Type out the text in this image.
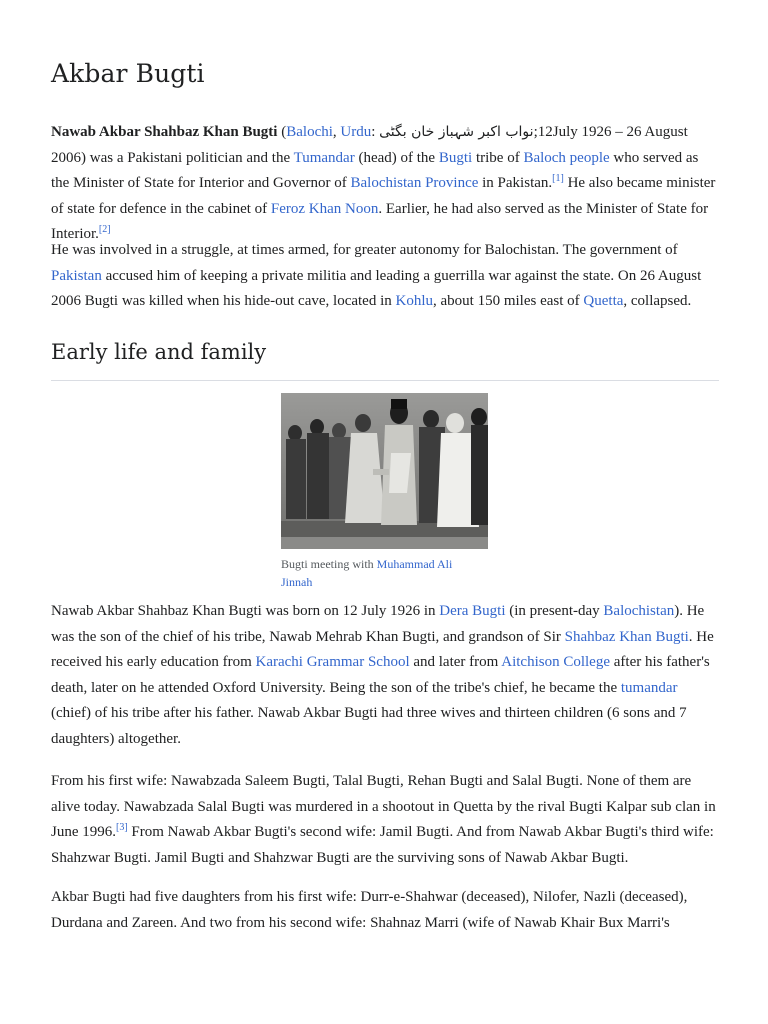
Akbar Bugti

Nawab Akbar Shahbaz Khan Bugti (Balochi, Urdu: نواب اکبر شہباز خان بگٹی;12July 1926 – 26 August 2006) was a Pakistani politician and the Tumandar (head) of the Bugti tribe of Baloch people who served as the Minister of State for Interior and Governor of Balochistan Province in Pakistan.[1] He also became minister of state for defence in the cabinet of Feroz Khan Noon. Earlier, he had also served as the Minister of State for Interior.[2]

He was involved in a struggle, at times armed, for greater autonomy for Balochistan. The government of Pakistan accused him of keeping a private militia and leading a guerrilla war against the state. On 26 August 2006 Bugti was killed when his hide-out cave, located in Kohlu, about 150 miles east of Quetta, collapsed.

Early life and family
Bugti meeting with Muhammad Ali Jinnah

Nawab Akbar Shahbaz Khan Bugti was born on 12 July 1926 in Dera Bugti (in present-day Balochistan). He was the son of the chief of his tribe, Nawab Mehrab Khan Bugti, and grandson of Sir Shahbaz Khan Bugti. He received his early education from Karachi Grammar School and later from Aitchison College after his father's death, later on he attended Oxford University. Being the son of the tribe's chief, he became the tumandar (chief) of his tribe after his father. Nawab Akbar Bugti had three wives and thirteen children (6 sons and 7 daughters) altogether.

From his first wife: Nawabzada Saleem Bugti, Talal Bugti, Rehan Bugti and Salal Bugti. None of them are alive today. Nawabzada Salal Bugti was murdered in a shootout in Quetta by the rival Bugti Kalpar sub clan in June 1996.[3] From Nawab Akbar Bugti's second wife: Jamil Bugti. And from Nawab Akbar Bugti's third wife: Shahzwar Bugti. Jamil Bugti and Shahzwar Bugti are the surviving sons of Nawab Akbar Bugti.

Akbar Bugti had five daughters from his first wife: Durr-e-Shahwar (deceased), Nilofer, Nazli (deceased), Durdana and Zareen. And two from his second wife: Shahnaz Marri (wife of Nawab Khair Bux Marri's
